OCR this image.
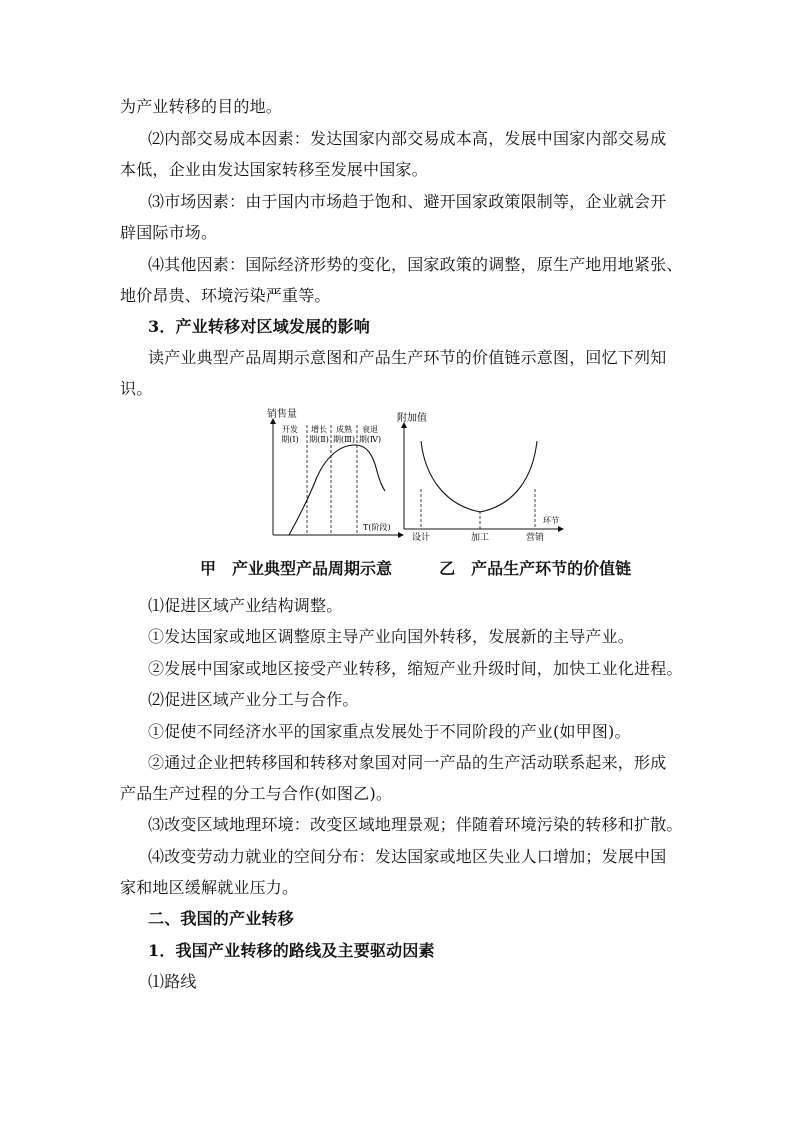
为产业转移的目的地。
⑵内部交易成本因素：发达国家内部交易成本高，发展中国家内部交易成
本低，企业由发达国家转移至发展中国家。
⑶市场因素：由于国内市场趋于饱和、避开国家政策限制等，企业就会开
辟国际市场。
⑷其他因素：国际经济形势的变化，国家政策的调整，原生产地用地紧张、
地价昂贵、环境污染严重等。
3．产业转移对区域发展的影响
读产业典型产品周期示意图和产品生产环节的价值链示意图，回忆下列知
识。
销售量
开发
期(Ⅰ)
增长
期(Ⅱ)
成熟
期(Ⅲ)
衰退
期(Ⅳ)
T(阶段)
附加值
环节
设计	加工	营销
甲　产业典型产品周期示意	乙　产品生产环节的价值链
⑴促进区域产业结构调整。
①发达国家或地区调整原主导产业向国外转移，发展新的主导产业。
②发展中国家或地区接受产业转移，缩短产业升级时间，加快工业化进程。
⑵促进区域产业分工与合作。
①促使不同经济水平的国家重点发展处于不同阶段的产业(如甲图)。
②通过企业把转移国和转移对象国对同一产品的生产活动联系起来，形成
产品生产过程的分工与合作(如图乙)。
⑶改变区域地理环境：改变区域地理景观；伴随着环境污染的转移和扩散。
⑷改变劳动力就业的空间分布：发达国家或地区失业人口增加；发展中国
家和地区缓解就业压力。
二、我国的产业转移
1．我国产业转移的路线及主要驱动因素
⑴路线
